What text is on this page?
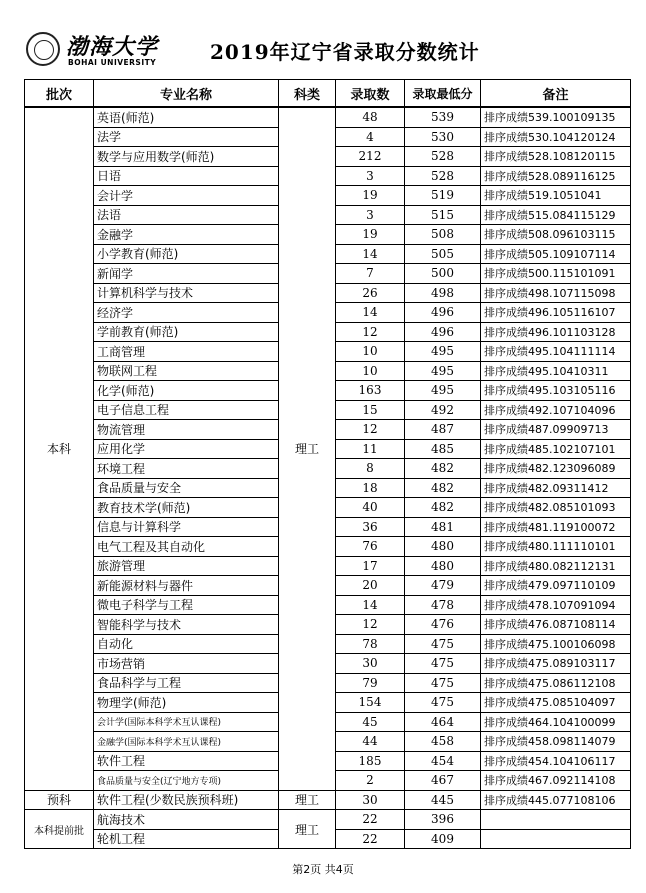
渤海大学
BOHAI UNIVERSITY	2019年辽宁省录取分数统计
批次	专业名称	科类	录取数	录取最低分	备注
本科	英语(师范)	理工	48	539	排序成绩539.100109135
	法学		4	530	排序成绩530.104120124
	数学与应用数学(师范)		212	528	排序成绩528.108120115
	日语		3	528	排序成绩528.089116125
	会计学		19	519	排序成绩519.1051041
	法语		3	515	排序成绩515.084115129
	金融学		19	508	排序成绩508.096103115
	小学教育(师范)		14	505	排序成绩505.109107114
	新闻学		7	500	排序成绩500.115101091
	计算机科学与技术		26	498	排序成绩498.107115098
	经济学		14	496	排序成绩496.105116107
	学前教育(师范)		12	496	排序成绩496.101103128
	工商管理		10	495	排序成绩495.104111114
	物联网工程		10	495	排序成绩495.10410311
	化学(师范)		163	495	排序成绩495.103105116
	电子信息工程		15	492	排序成绩492.107104096
	物流管理		12	487	排序成绩487.09909713
	应用化学		11	485	排序成绩485.102107101
	环境工程		8	482	排序成绩482.123096089
	食品质量与安全		18	482	排序成绩482.09311412
	教育技术学(师范)		40	482	排序成绩482.085101093
	信息与计算科学		36	481	排序成绩481.119100072
	电气工程及其自动化		76	480	排序成绩480.111110101
	旅游管理		17	480	排序成绩480.082112131
	新能源材料与器件		20	479	排序成绩479.097110109
	微电子科学与工程		14	478	排序成绩478.107091094
	智能科学与技术		12	476	排序成绩476.087108114
	自动化		78	475	排序成绩475.100106098
	市场营销		30	475	排序成绩475.089103117
	食品科学与工程		79	475	排序成绩475.086112108
	物理学(师范)		154	475	排序成绩475.085104097
	会计学(国际本科学术互认课程)		45	464	排序成绩464.104100099
	金融学(国际本科学术互认课程)		44	458	排序成绩458.098114079
	软件工程		185	454	排序成绩454.104106117
	食品质量与安全(辽宁地方专项)		2	467	排序成绩467.092114108
预科	软件工程(少数民族预科班)	理工	30	445	排序成绩445.077108106
本科提前批	航海技术	理工	22	396	
	轮机工程		22	409	
第2页 共4页
